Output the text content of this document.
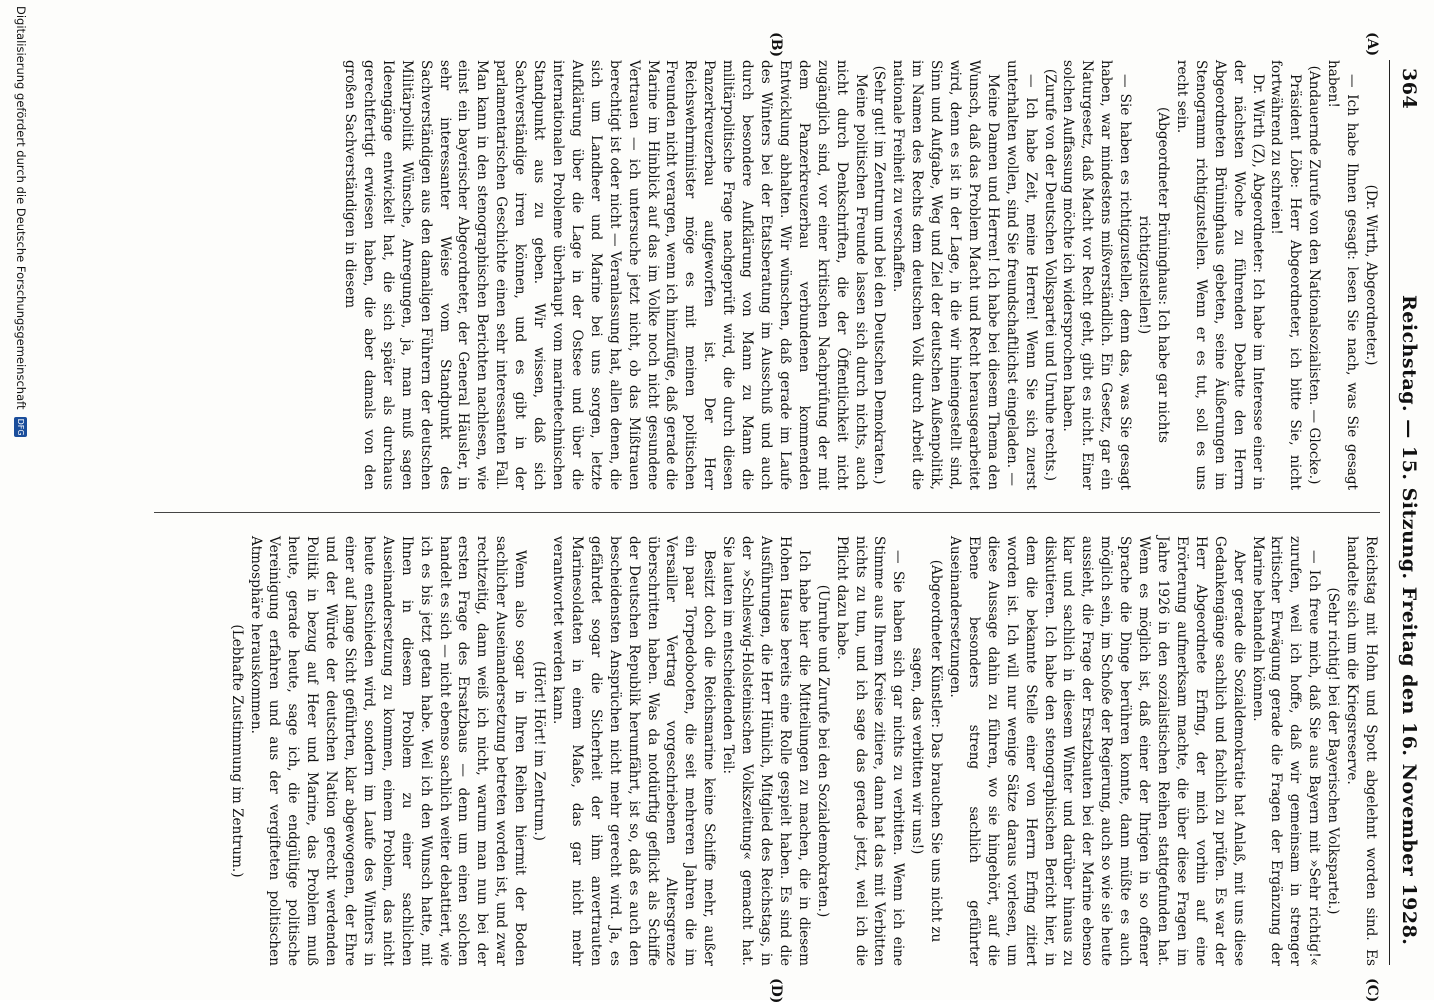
364
Reichstag. — 15. Sitzung. Freitag den 16. November 1928.
(A)
(B)
(C)
(D)

(Dr. Wirth, Abgeordneter.)

— Ich habe Ihnen gesagt: lesen Sie nach, was Sie gesagt haben!

(Andauernde Zurufe von den Nationalsozialisten. — Glocke.)

Präsident Löbe: Herr Abgeordneter, ich bitte Sie, nicht fortwährend zu schreien!

Dr. Wirth (Z), Abgeordneter: Ich habe im Interesse einer in der nächsten Woche zu führenden Debatte den Herrn Abgeordneten Brüninghaus gebeten, seine Äußerungen im Stenogramm richtigzustellen. Wenn er es tut, soll es uns recht sein.

(Abgeordneter Brüninghaus: Ich habe gar nichts richtigzustellen!)

— Sie haben es richtigzustellen, denn das, was Sie gesagt haben, war mindestens mißverständlich. Ein Gesetz, gar ein Naturgesetz, daß Macht vor Recht geht, gibt es nicht. Einer solchen Auffassung möchte ich widersprochen haben.

(Zurufe von der Deutschen Volkspartei und Unruhe rechts.)

— Ich habe Zeit, meine Herren! Wenn Sie sich zuerst unterhalten wollen, sind Sie freundschaftlichst eingeladen. —

Meine Damen und Herren! Ich habe bei diesem Thema den Wunsch, daß das Problem Macht und Recht herausgearbeitet wird, denn es ist in der Lage, in die wir hineingestellt sind, Sinn und Aufgabe, Weg und Ziel der deutschen Außenpolitik, im Namen des Rechts dem deutschen Volk durch Arbeit die nationale Freiheit zu verschaffen.

(Sehr gut! im Zentrum und bei den Deutschen Demokraten.)

Meine politischen Freunde lassen sich durch nichts, auch nicht durch Denkschriften, die der Öffentlichkeit nicht zugänglich sind, vor einer kritischen Nachprüfung der mit dem Panzerkreuzerbau verbundenen kommenden Entwicklung abhalten. Wir wünschen, daß gerade im Laufe des Winters bei der Etatsberatung im Ausschuß und auch durch besondere Aufklärung von Mann zu Mann die militärpolitische Frage nachgeprüft wird, die durch diesen Panzerkreuzerbau aufgeworfen ist. Der Herr Reichswehrminister möge es mit meinen politischen Freunden nicht verargen, wenn ich hinzufüge, daß gerade die Marine im Hinblick auf das im Volke noch nicht gesundene Vertrauen — ich untersuche jetzt nicht, ob das Mißtrauen berechtigt ist oder nicht — Veranlassung hat, allen denen, die sich um Landheer und Marine bei uns sorgen, letzte Aufklärung über die Lage in der Ostsee und über die internationalen Probleme überhaupt vom marinetechnischen Standpunkt aus zu geben. Wir wissen, daß sich Sachverständige irren können, und es gibt in der parlamentarischen Geschichte einen sehr interessanten Fall. Man kann in den stenographischen Berichten nachlesen, wie einst ein bayerischer Abgeordneter, der General Häusler, in sehr interessanter Weise vom Standpunkt des Sachverständigen aus den damaligen Führern der deutschen Militärpolitik Wünsche, Anregungen, ja, man muß sagen Ideengänge entwickelt hat, die sich später als durchaus gerechtfertigt erwiesen haben, die aber damals von den großen Sachverständigen in diesem

Reichstag mit Hohn und Spott abgelehnt worden sind. Es handelte sich um die Kriegsreserve.

(Sehr richtig! bei der Bayerischen Volkspartei.)

— Ich freue mich, daß Sie aus Bayern mit »Sehr richtig!« zurufen, weil ich hoffe, daß wir gemeinsam in strenger kritischer Erwägung gerade die Fragen der Ergänzung der Marine behandeln können.

Aber gerade die Sozialdemokratie hat Anlaß, mit uns diese Gedankengänge sachlich und fachlich zu prüfen. Es war der Herr Abgeordnete Erfing, der mich vorhin auf eine Erörterung aufmerksam machte, die über diese Fragen im Jahre 1926 in den sozialistischen Reihen stattgefunden hat. Wenn es möglich ist, daß einer der Ihrigen in so offener Sprache die Dinge berühren konnte, dann müßte es auch möglich sein, im Schoße der Regierung, auch so wie sie heute aussieht, die Frage der Ersatzbauten bei der Marine ebenso klar und sachlich in diesem Winter und darüber hinaus zu diskutieren. Ich habe den stenographischen Bericht hier, in dem die bekannte Stelle einer von Herrn Erfing zitiert worden ist. Ich will nur wenige Sätze daraus vorlesen, um diese Aussage dahin zu führen, wo sie hingehört, auf die Ebene besonders streng sachlich geführter Auseinandersetzungen.

(Abgeordneter Künstler: Das brauchen Sie uns nicht zu sagen, das verbitten wir uns!)

— Sie haben sich gar nichts zu verbitten. Wenn ich eine Stimme aus Ihrem Kreise zitiere, dann hat das mit Verbitten nichts zu tun, und ich sage das gerade jetzt, weil ich die Pflicht dazu habe.

(Unruhe und Zurufe bei den Sozialdemokraten.)

Ich habe hier die Mitteilungen zu machen, die in diesem Hohen Hause bereits eine Rolle gespielt haben. Es sind die Ausführungen, die Herr Hünlich, Mitglied des Reichstags, in der »Schleswig-Holsteinischen Volkszeitung« gemacht hat. Sie lauten im entscheidenden Teil:

Besitzt doch die Reichsmarine keine Schiffe mehr, außer ein paar Torpedobooten, die seit mehreren Jahren die im Versailler Vertrag vorgeschriebenen Altersgrenze überschritten haben. Was da notdürftig geflickt als Schiffe der Deutschen Republik herumfährt, ist so, daß es auch den bescheidensten Ansprüchen nicht mehr gerecht wird. Ja, es gefährdet sogar die Sicherheit der ihm anvertrauten Marinesoldaten in einem Maße, das gar nicht mehr verantwortet werden kann.

(Hört! Hört! im Zentrum.)

Wenn also sogar in Ihren Reihen hiermit der Boden sachlicher Auseinandersetzung betreten worden ist, und zwar rechtzeitig, dann weiß ich nicht, warum man nun bei der ersten Frage des Ersatzbaus — denn um einen solchen handelt es sich — nicht ebenso sachlich weiter debattiert, wie ich es bis jetzt getan habe. Weil ich den Wunsch hatte, mit Ihnen in diesem Problem zu einer sachlichen Auseinandersetzung zu kommen, einem Problem, das nicht heute entschieden wird, sondern im Laufe des Winters in einer auf lange Sicht geführten, klar abgewogenen, der Ehre und der Würde der deutschen Nation gerecht werdenden Politik in bezug auf Heer und Marine, das Problem muß heute, gerade heute, sage ich, die endgültige politische Vereinigung erfahren und aus der vergifteten politischen Atmosphäre herauskommen.

(Lebhafte Zustimmung im Zentrum.)

Digitalisierung gefördert durch die Deutsche Forschungsgemeinschaft DFG
